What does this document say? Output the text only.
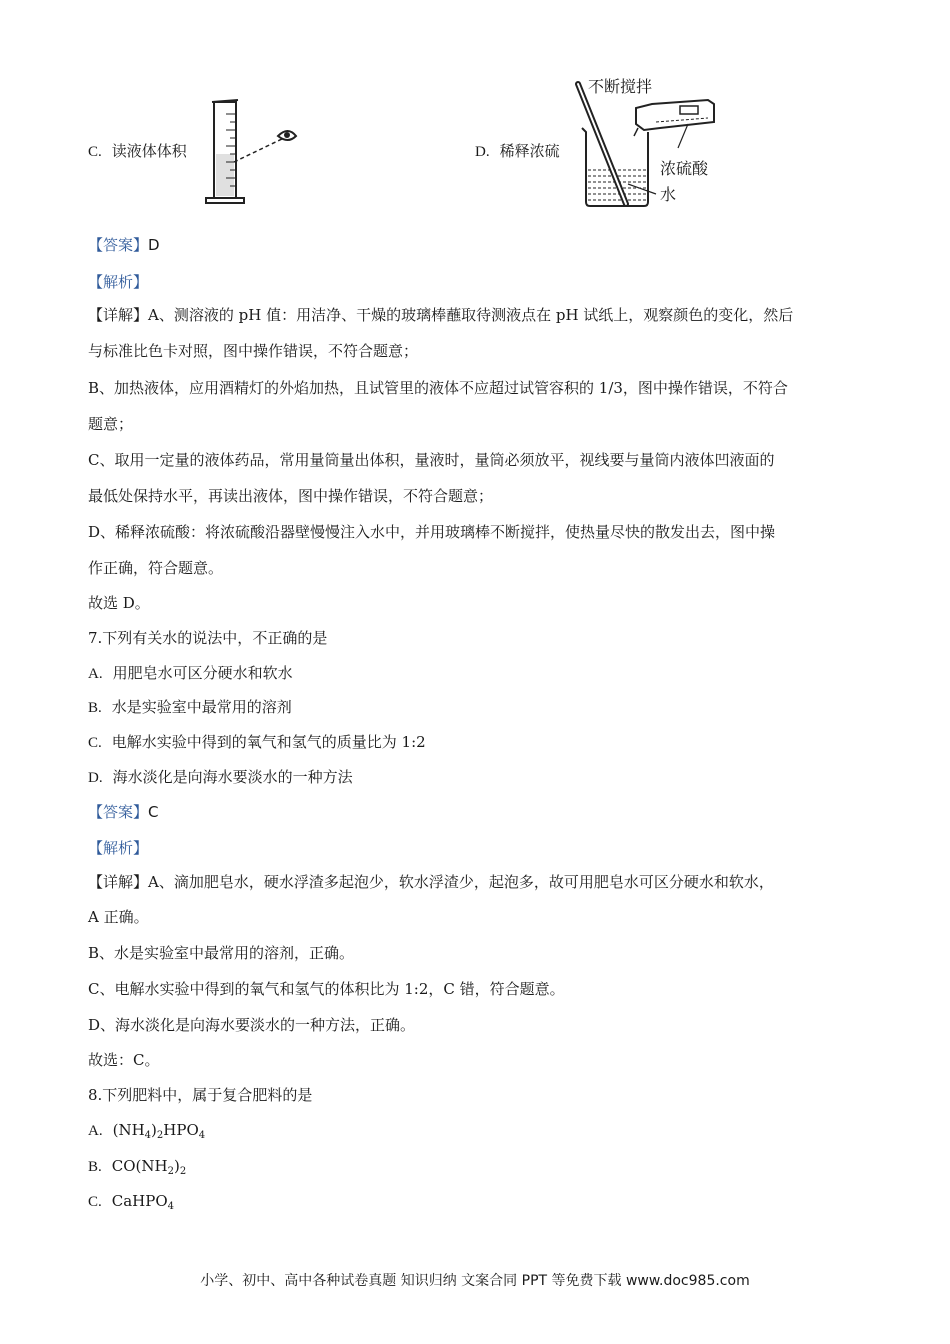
C. 读液体体积	D. 稀释浓硫
不断搅拌
浓硫酸
水
【答案】D
【解析】
【详解】A、测溶液的 pH 值：用洁净、干燥的玻璃棒蘸取待测液点在 pH 试纸上，观察颜色的变化，然后
与标准比色卡对照，图中操作错误，不符合题意；
B、加热液体，应用酒精灯的外焰加热，且试管里的液体不应超过试管容积的 1/3，图中操作错误，不符合
题意；
C、取用一定量的液体药品，常用量筒量出体积，量液时，量筒必须放平，视线要与量筒内液体凹液面的
最低处保持水平，再读出液体，图中操作错误，不符合题意；
D、稀释浓硫酸：将浓硫酸沿器壁慢慢注入水中，并用玻璃棒不断搅拌，使热量尽快的散发出去，图中操
作正确，符合题意。
故选 D。
7.下列有关水的说法中，不正确的是
A. 用肥皂水可区分硬水和软水
B. 水是实验室中最常用的溶剂
C. 电解水实验中得到的氧气和氢气的质量比为 1:2
D. 海水淡化是向海水要淡水的一种方法
【答案】C
【解析】
【详解】A、滴加肥皂水，硬水浮渣多起泡少，软水浮渣少，起泡多，故可用肥皂水可区分硬水和软水，
A 正确。
B、水是实验室中最常用的溶剂，正确。
C、电解水实验中得到的氧气和氢气的体积比为 1:2，C 错，符合题意。
D、海水淡化是向海水要淡水的一种方法，正确。
故选：C。
8.下列肥料中，属于复合肥料的是
A. $(NH_4)_2HPO_4$
B. $CO(NH_2)_2$
C. CaHPO$_4$
小学、初中、高中各种试卷真题 知识归纳 文案合同 PPT 等免费下载 www.doc985.com
